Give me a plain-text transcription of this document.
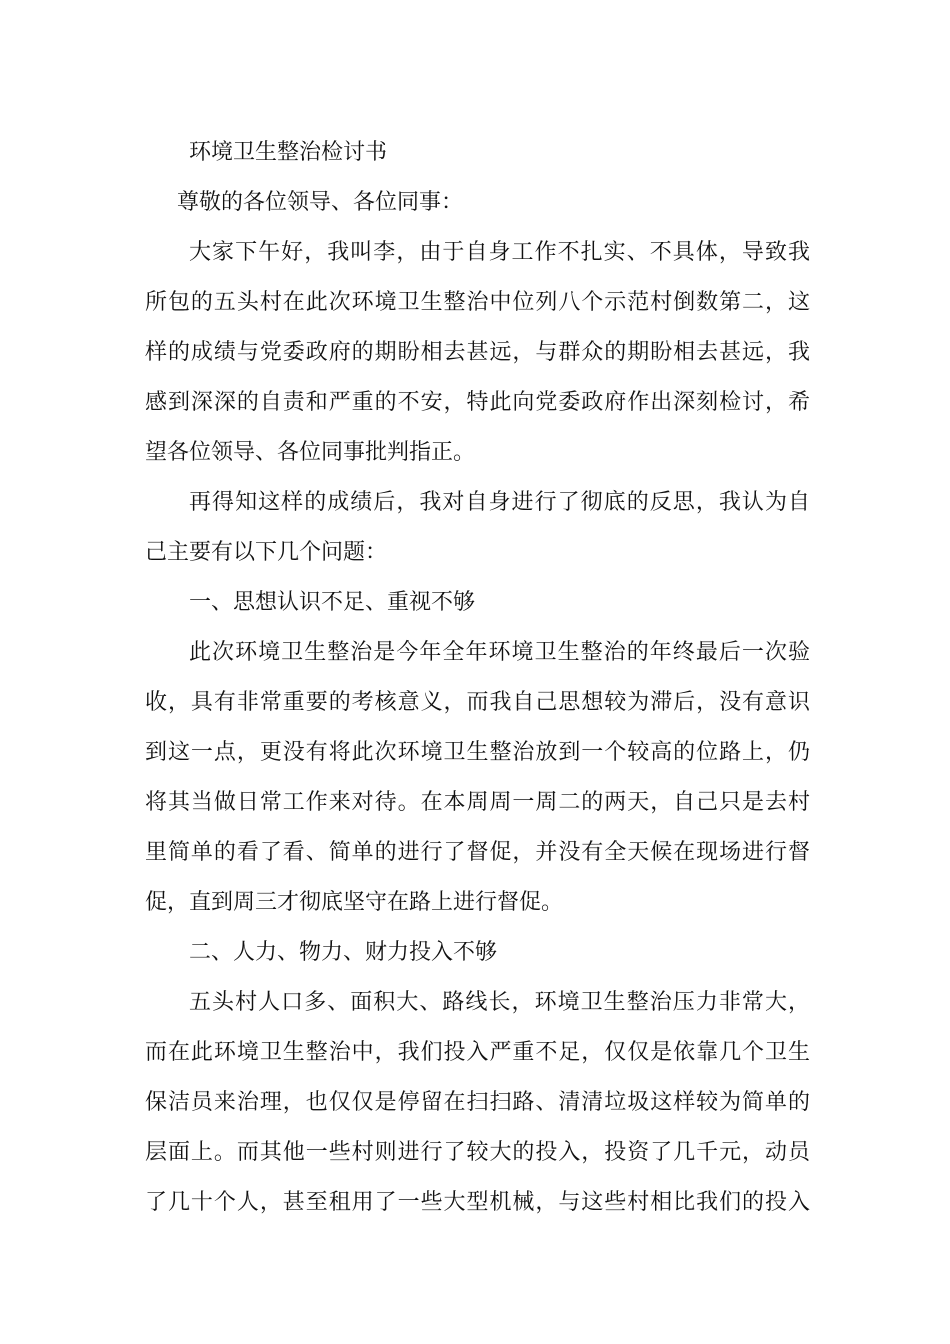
环境卫生整治检讨书
尊敬的各位领导、各位同事：
大家下午好，我叫李，由于自身工作不扎实、不具体，导致我
所包的五头村在此次环境卫生整治中位列八个示范村倒数第二，这
样的成绩与党委政府的期盼相去甚远，与群众的期盼相去甚远，我
感到深深的自责和严重的不安，特此向党委政府作出深刻检讨，希
望各位领导、各位同事批判指正。
再得知这样的成绩后，我对自身进行了彻底的反思，我认为自
己主要有以下几个问题：
一、思想认识不足、重视不够
此次环境卫生整治是今年全年环境卫生整治的年终最后一次验
收，具有非常重要的考核意义，而我自己思想较为滞后，没有意识
到这一点，更没有将此次环境卫生整治放到一个较高的位路上，仍
将其当做日常工作来对待。在本周周一周二的两天，自己只是去村
里简单的看了看、简单的进行了督促，并没有全天候在现场进行督
促，直到周三才彻底坚守在路上进行督促。
二、人力、物力、财力投入不够
五头村人口多、面积大、路线长，环境卫生整治压力非常大，
而在此环境卫生整治中，我们投入严重不足，仅仅是依靠几个卫生
保洁员来治理，也仅仅是停留在扫扫路、清清垃圾这样较为简单的
层面上。而其他一些村则进行了较大的投入，投资了几千元，动员
了几十个人，甚至租用了一些大型机械，与这些村相比我们的投入
